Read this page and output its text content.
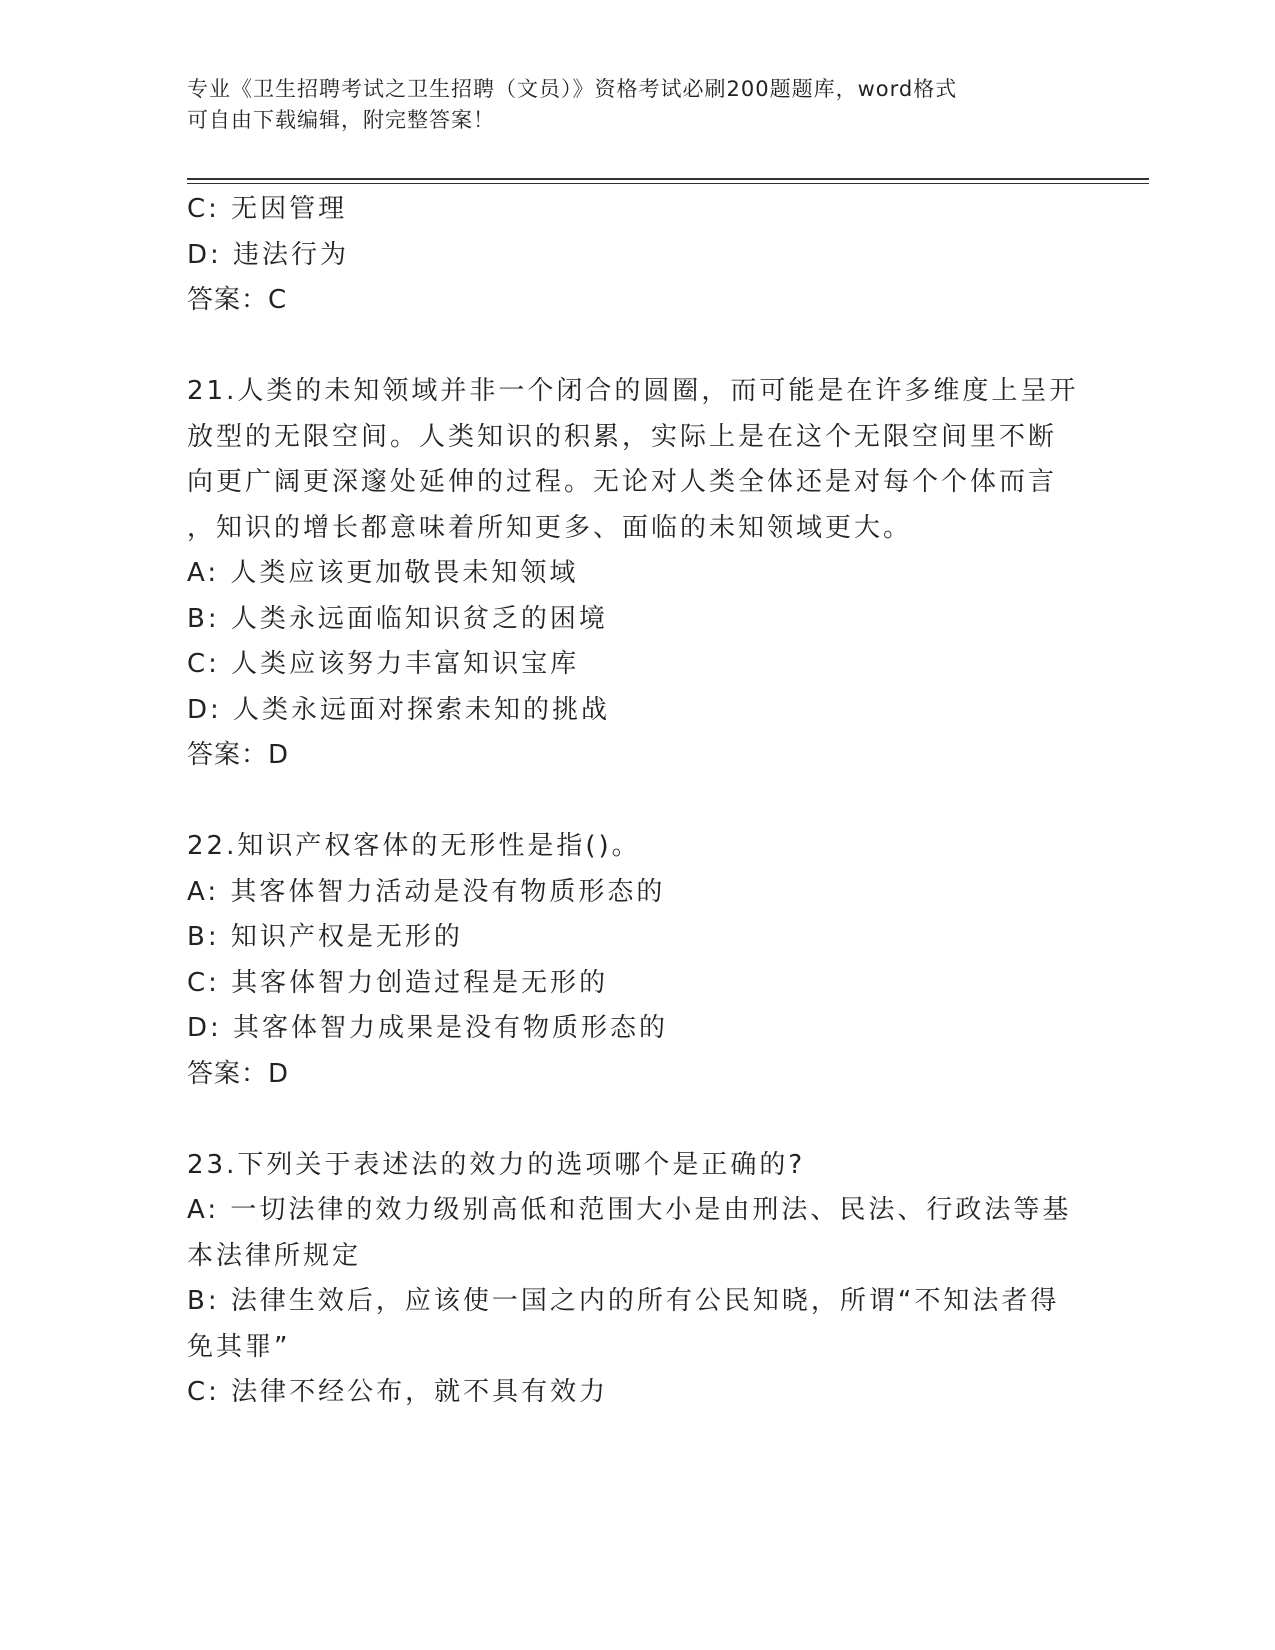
专业《卫生招聘考试之卫生招聘（文员）》资格考试必刷200题题库，word格式
可自由下载编辑，附完整答案！
C: 无因管理
D: 违法行为
答案：C
21.人类的未知领域并非一个闭合的圆圈，而可能是在许多维度上呈开
放型的无限空间。人类知识的积累，实际上是在这个无限空间里不断
向更广阔更深邃处延伸的过程。无论对人类全体还是对每个个体而言
，知识的增长都意味着所知更多、面临的未知领域更大。
A: 人类应该更加敬畏未知领域
B: 人类永远面临知识贫乏的困境
C: 人类应该努力丰富知识宝库
D: 人类永远面对探索未知的挑战
答案：D
22.知识产权客体的无形性是指()。
A: 其客体智力活动是没有物质形态的
B: 知识产权是无形的
C: 其客体智力创造过程是无形的
D: 其客体智力成果是没有物质形态的
答案：D
23.下列关于表述法的效力的选项哪个是正确的?
A: 一切法律的效力级别高低和范围大小是由刑法、民法、行政法等基
本法律所规定
B: 法律生效后，应该使一国之内的所有公民知晓，所谓“不知法者得
免其罪”
C: 法律不经公布，就不具有效力
